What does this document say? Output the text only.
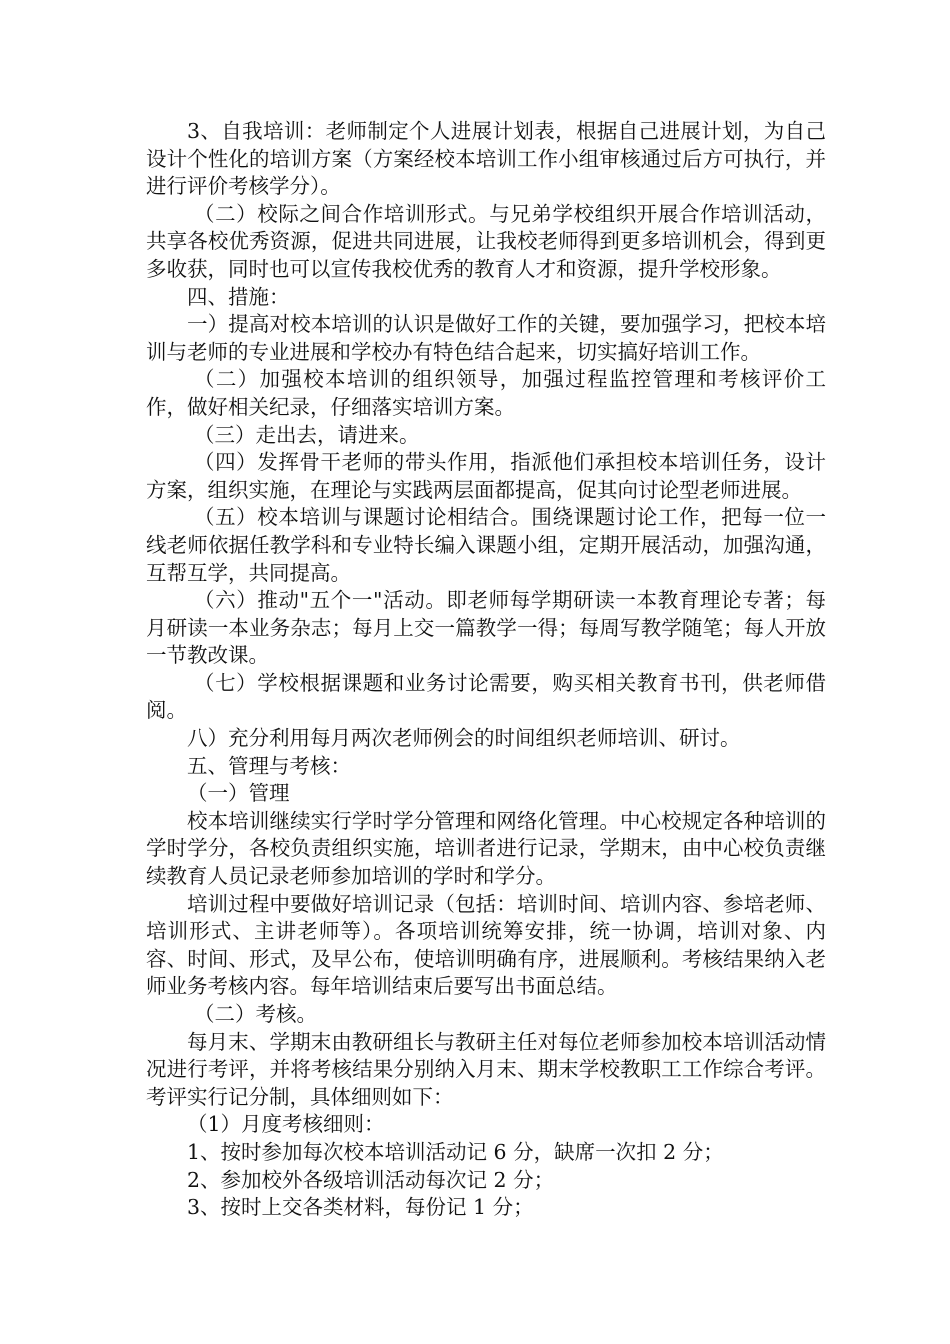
3、自我培训：老师制定个人进展计划表，根据自己进展计划，为自己设计个性化的培训方案（方案经校本培训工作小组审核通过后方可执行，并进行评价考核学分）。

（二）校际之间合作培训形式。与兄弟学校组织开展合作培训活动，共享各校优秀资源，促进共同进展，让我校老师得到更多培训机会，得到更多收获，同时也可以宣传我校优秀的教育人才和资源，提升学校形象。

四、措施：

一）提高对校本培训的认识是做好工作的关键，要加强学习，把校本培训与老师的专业进展和学校办有特色结合起来，切实搞好培训工作。

（二）加强校本培训的组织领导，加强过程监控管理和考核评价工作，做好相关纪录，仔细落实培训方案。

（三）走出去，请进来。

（四）发挥骨干老师的带头作用，指派他们承担校本培训任务，设计方案，组织实施，在理论与实践两层面都提高，促其向讨论型老师进展。

（五）校本培训与课题讨论相结合。围绕课题讨论工作，把每一位一线老师依据任教学科和专业特长编入课题小组，定期开展活动，加强沟通，互帮互学，共同提高。

（六）推动"五个一"活动。即老师每学期研读一本教育理论专著；每月研读一本业务杂志；每月上交一篇教学一得；每周写教学随笔；每人开放一节教改课。

（七）学校根据课题和业务讨论需要，购买相关教育书刊，供老师借阅。

八）充分利用每月两次老师例会的时间组织老师培训、研讨。

五、管理与考核：

（一）管理

校本培训继续实行学时学分管理和网络化管理。中心校规定各种培训的学时学分，各校负责组织实施，培训者进行记录，学期末，由中心校负责继续教育人员记录老师参加培训的学时和学分。

培训过程中要做好培训记录（包括：培训时间、培训内容、参培老师、培训形式、主讲老师等）。各项培训统筹安排，统一协调，培训对象、内容、时间、形式，及早公布，使培训明确有序，进展顺利。考核结果纳入老师业务考核内容。每年培训结束后要写出书面总结。

（二）考核。

每月末、学期末由教研组长与教研主任对每位老师参加校本培训活动情况进行考评，并将考核结果分别纳入月末、期末学校教职工工作综合考评。考评实行记分制，具体细则如下：

（1）月度考核细则：

1、按时参加每次校本培训活动记 6 分，缺席一次扣 2 分；

2、参加校外各级培训活动每次记 2 分；

3、按时上交各类材料，每份记 1 分；
